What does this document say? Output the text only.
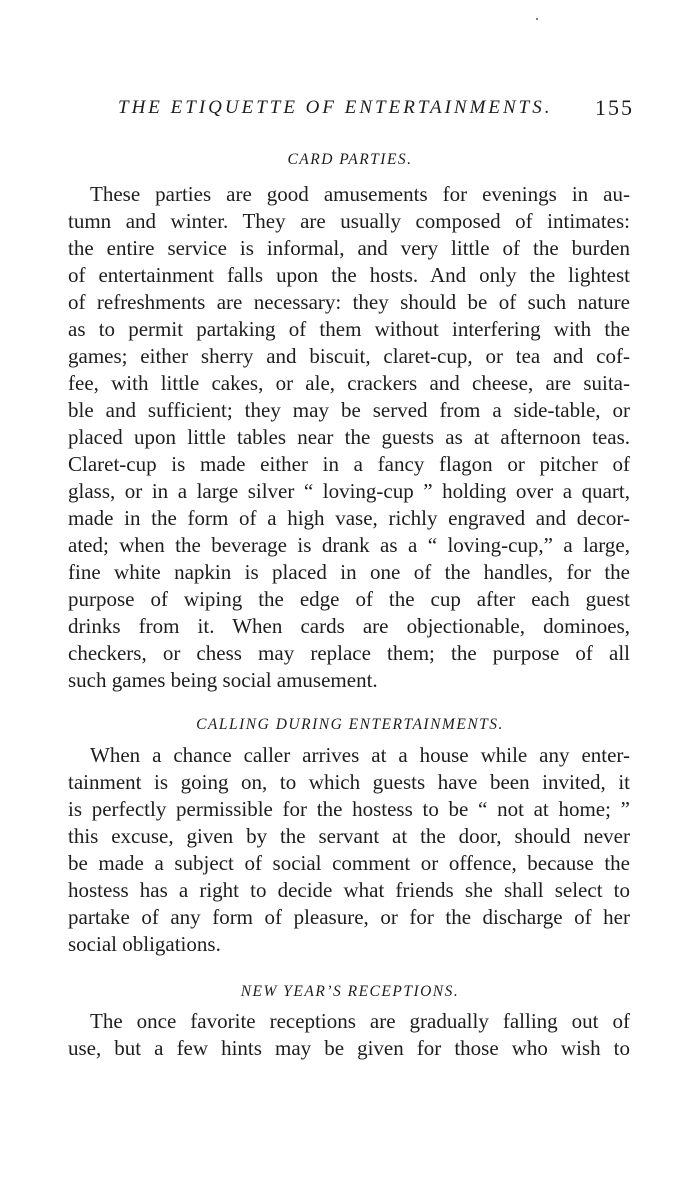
THE ETIQUETTE OF ENTERTAINMENTS. 155
CARD PARTIES.
These parties are good amusements for evenings in au-
tumn and winter. They are usually composed of intimates:
the entire service is informal, and very little of the burden
of entertainment falls upon the hosts. And only the lightest
of refreshments are necessary: they should be of such nature
as to permit partaking of them without interfering with the
games; either sherry and biscuit, claret-cup, or tea and cof-
fee, with little cakes, or ale, crackers and cheese, are suita-
ble and sufficient; they may be served from a side-table, or
placed upon little tables near the guests as at afternoon teas.
Claret-cup is made either in a fancy flagon or pitcher of
glass, or in a large silver “ loving-cup ” holding over a quart,
made in the form of a high vase, richly engraved and decor-
ated; when the beverage is drank as a “ loving-cup,” a large,
fine white napkin is placed in one of the handles, for the
purpose of wiping the edge of the cup after each guest
drinks from it. When cards are objectionable, dominoes,
checkers, or chess may replace them; the purpose of all
such games being social amusement.
CALLING DURING ENTERTAINMENTS.
When a chance caller arrives at a house while any enter-
tainment is going on, to which guests have been invited, it
is perfectly permissible for the hostess to be “ not at home; ”
this excuse, given by the servant at the door, should never
be made a subject of social comment or offence, because the
hostess has a right to decide what friends she shall select to
partake of any form of pleasure, or for the discharge of her
social obligations.
NEW YEAR’S RECEPTIONS.
The once favorite receptions are gradually falling out of
use, but a few hints may be given for those who wish to
